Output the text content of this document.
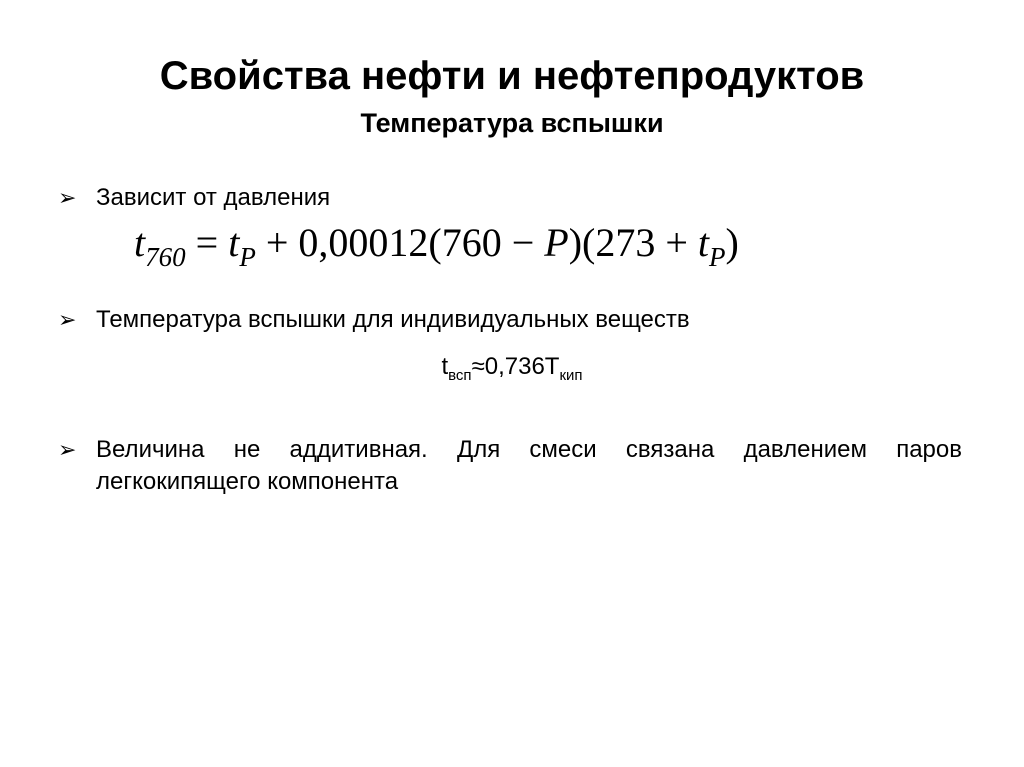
Свойства нефти и нефтепродуктов
Температура вспышки
➢ Зависит от давления
$t_{760} = t_P + 0,00012(760 - P)(273 + t_P)$
➢ Температура вспышки для индивидуальных веществ
$t_{всп}\approx 0,736T_{кип}$
➢ Величина не аддитивная. Для смеси связана давлением паров легкокипящего компонента
